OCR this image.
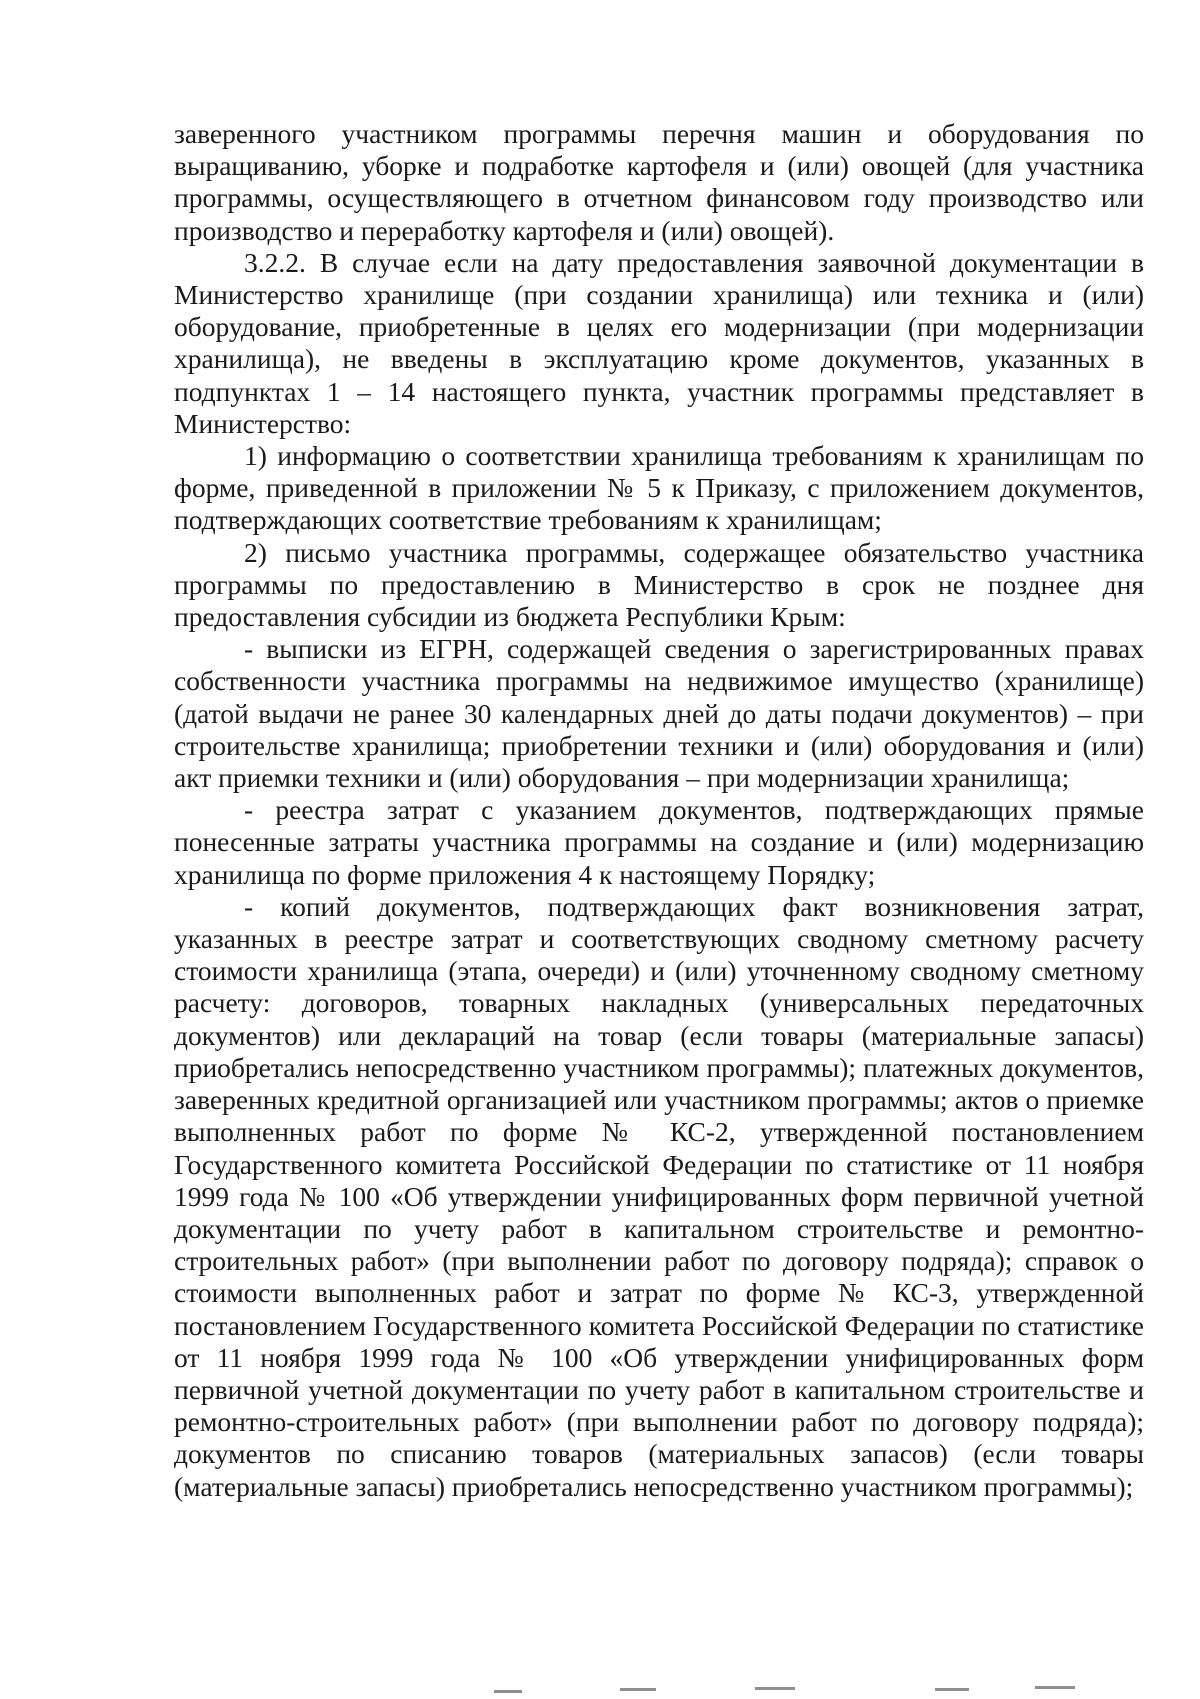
заверенного участником программы перечня машин и оборудования по выращиванию, уборке и подработке картофеля и (или) овощей (для участника программы, осуществляющего в отчетном финансовом году производство или производство и переработку картофеля и (или) овощей).

3.2.2. В случае если на дату предоставления заявочной документации в Министерство хранилище (при создании хранилища) или техника и (или) оборудование, приобретенные в целях его модернизации (при модернизации хранилища), не введены в эксплуатацию кроме документов, указанных в подпунктах 1 – 14 настоящего пункта, участник программы представляет в Министерство:

1) информацию о соответствии хранилища требованиям к хранилищам по форме, приведенной в приложении № 5 к Приказу, с приложением документов, подтверждающих соответствие требованиям к хранилищам;

2) письмо участника программы, содержащее обязательство участника программы по предоставлению в Министерство в срок не позднее дня предоставления субсидии из бюджета Республики Крым:

- выписки из ЕГРН, содержащей сведения о зарегистрированных правах собственности участника программы на недвижимое имущество (хранилище) (датой выдачи не ранее 30 календарных дней до даты подачи документов) – при строительстве хранилища; приобретении техники и (или) оборудования и (или) акт приемки техники и (или) оборудования – при модернизации хранилища;

- реестра затрат с указанием документов, подтверждающих прямые понесенные затраты участника программы на создание и (или) модернизацию хранилища по форме приложения 4 к настоящему Порядку;

- копий документов, подтверждающих факт возникновения затрат, указанных в реестре затрат и соответствующих сводному сметному расчету стоимости хранилища (этапа, очереди) и (или) уточненному сводному сметному расчету: договоров, товарных накладных (универсальных передаточных документов) или деклараций на товар (если товары (материальные запасы) приобретались непосредственно участником программы); платежных документов, заверенных кредитной организацией или участником программы; актов о приемке выполненных работ по форме № КС-2, утвержденной постановлением Государственного комитета Российской Федерации по статистике от 11 ноября 1999 года № 100 «Об утверждении унифицированных форм первичной учетной документации по учету работ в капитальном строительстве и ремонтно-строительных работ» (при выполнении работ по договору подряда); справок о стоимости выполненных работ и затрат по форме № КС-3, утвержденной постановлением Государственного комитета Российской Федерации по статистике от 11 ноября 1999 года № 100 «Об утверждении унифицированных форм первичной учетной документации по учету работ в капитальном строительстве и ремонтно-строительных работ» (при выполнении работ по договору подряда); документов по списанию товаров (материальных запасов) (если товары (материальные запасы) приобретались непосредственно участником программы);
